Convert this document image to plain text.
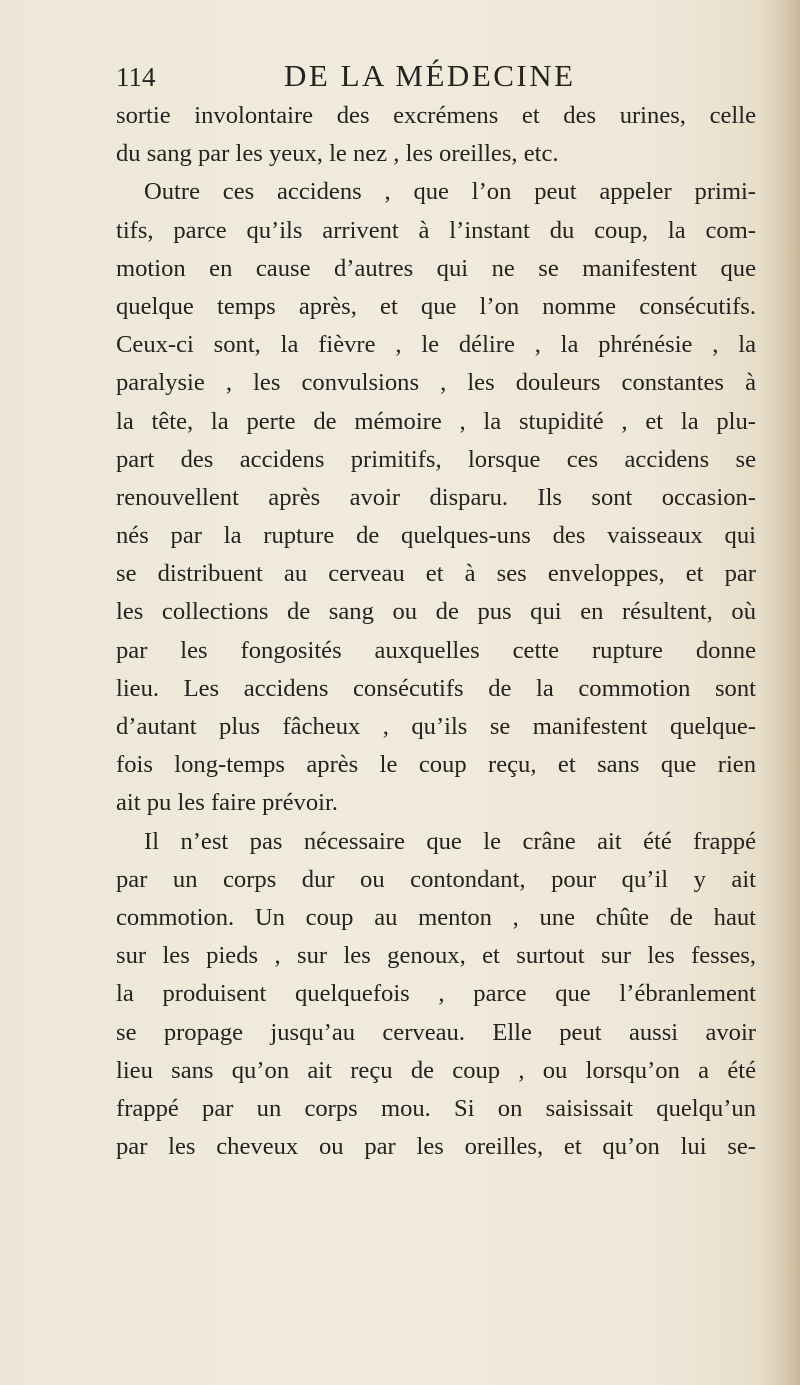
114	DE LA MÉDECINE
sortie involontaire des excrémens et des urines, celle
du sang par les yeux, le nez , les oreilles, etc.
Outre ces accidens , que l’on peut appeler primi-
tifs, parce qu’ils arrivent à l’instant du coup, la com-
motion en cause d’autres qui ne se manifestent que
quelque temps après, et que l’on nomme consécutifs.
Ceux-ci sont, la fièvre , le délire , la phrénésie , la
paralysie , les convulsions , les douleurs constantes à
la tête, la perte de mémoire , la stupidité , et la plu-
part des accidens primitifs, lorsque ces accidens se
renouvellent après avoir disparu. Ils sont occasion-
nés par la rupture de quelques-uns des vaisseaux qui
se distribuent au cerveau et à ses enveloppes, et par
les collections de sang ou de pus qui en résultent, où
par les fongosités auxquelles cette rupture donne
lieu. Les accidens consécutifs de la commotion sont
d’autant plus fâcheux , qu’ils se manifestent quelque-
fois long-temps après le coup reçu, et sans que rien
ait pu les faire prévoir.
Il n’est pas nécessaire que le crâne ait été frappé
par un corps dur ou contondant, pour qu’il y ait
commotion. Un coup au menton , une chûte de haut
sur les pieds , sur les genoux, et surtout sur les fesses,
la produisent quelquefois , parce que l’ébranlement
se propage jusqu’au cerveau. Elle peut aussi avoir
lieu sans qu’on ait reçu de coup , ou lorsqu’on a été
frappé par un corps mou. Si on saisissait quelqu’un
par les cheveux ou par les oreilles, et qu’on lui se-
